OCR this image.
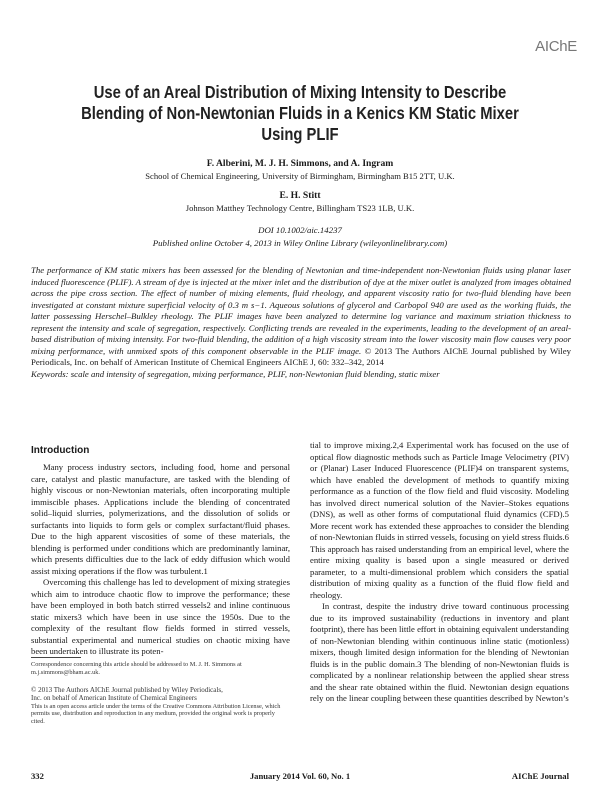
AIChE
Use of an Areal Distribution of Mixing Intensity to Describe
Blending of Non-Newtonian Fluids in a Kenics KM Static Mixer
Using PLIF
F. Alberini, M. J. H. Simmons, and A. Ingram
School of Chemical Engineering, University of Birmingham, Birmingham B15 2TT, U.K.
E. H. Stitt
Johnson Matthey Technology Centre, Billingham TS23 1LB, U.K.
DOI 10.1002/aic.14237
Published online October 4, 2013 in Wiley Online Library (wileyonlinelibrary.com)
The performance of KM static mixers has been assessed for the blending of Newtonian and time-independent non-Newtonian fluids using planar laser induced fluorescence (PLIF). A stream of dye is injected at the mixer inlet and the distribution of dye at the mixer outlet is analyzed from images obtained across the pipe cross section. The effect of number of mixing elements, fluid rheology, and apparent viscosity ratio for two-fluid blending have been investigated at constant mixture superficial velocity of 0.3 m s−1. Aqueous solutions of glycerol and Carbopol 940 are used as the working fluids, the latter possessing Herschel–Bulkley rheology. The PLIF images have been analyzed to determine log variance and maximum striation thickness to represent the intensity and scale of segregation, respectively. Conflicting trends are revealed in the experiments, leading to the development of an areal-based distribution of mixing intensity. For two-fluid blending, the addition of a high viscosity stream into the lower viscosity main flow causes very poor mixing performance, with unmixed spots of this component observable in the PLIF image. © 2013 The Authors AIChE Journal published by Wiley Periodicals, Inc. on behalf of American Institute of Chemical Engineers AIChE J, 60: 332–342, 2014
Keywords: scale and intensity of segregation, mixing performance, PLIF, non-Newtonian fluid blending, static mixer
Introduction

Many process industry sectors, including food, home and personal care, catalyst and plastic manufacture, are tasked with the blending of highly viscous or non-Newtonian materials, often incorporating multiple immiscible phases. Applications include the blending of concentrated solid–liquid slurries, polymerizations, and the dissolution of solids or surfactants into liquids to form gels or complex surfactant/fluid phases. Due to the high apparent viscosities of some of these materials, the blending is performed under conditions which are predominantly laminar, which presents difficulties due to the lack of eddy diffusion which would assist mixing operations if the flow was turbulent.1

Overcoming this challenge has led to development of mixing strategies which aim to introduce chaotic flow to improve the performance; these have been employed in both batch stirred vessels2 and inline continuous static mixers3 which have been in use since the 1950s. Due to the complexity of the resultant flow fields formed in stirred vessels, substantial experimental and numerical studies on chaotic mixing have been undertaken to illustrate its poten-

Correspondence concerning this article should be addressed to M. J. H. Simmons at m.j.simmons@bham.ac.uk.
© 2013 The Authors AIChE Journal published by Wiley Periodicals,
Inc. on behalf of American Institute of Chemical Engineers
This is an open access article under the terms of the Creative Commons Attribution License, which permits use, distribution and reproduction in any medium, provided the original work is properly cited.

tial to improve mixing.2,4 Experimental work has focused on the use of optical flow diagnostic methods such as Particle Image Velocimetry (PIV) or (Planar) Laser Induced Fluorescence (PLIF)4 on transparent systems, which have enabled the development of methods to quantify mixing performance as a function of the flow field and fluid viscosity. Modeling has involved direct numerical solution of the Navier–Stokes equations (DNS), as well as other forms of computational fluid dynamics (CFD).5 More recent work has extended these approaches to consider the blending of non-Newtonian fluids in stirred vessels, focusing on yield stress fluids.6 This approach has raised understanding from an empirical level, where the entire mixing quality is based upon a single measured or derived parameter, to a multi-dimensional problem which considers the spatial distribution of mixing quality as a function of the fluid flow field and rheology.

In contrast, despite the industry drive toward continuous processing due to its improved sustainability (reductions in inventory and plant footprint), there has been little effort in obtaining equivalent understanding of non-Newtonian blending within continuous inline static (motionless) mixers, though limited design information for the blending of Newtonian fluids is in the public domain.3 The blending of non-Newtonian fluids is complicated by a nonlinear relationship between the applied shear stress and the shear rate obtained within the fluid. Newtonian design equations rely on the linear coupling between these quantities described by Newton’s

332	January 2014 Vol. 60, No. 1	AIChE Journal
